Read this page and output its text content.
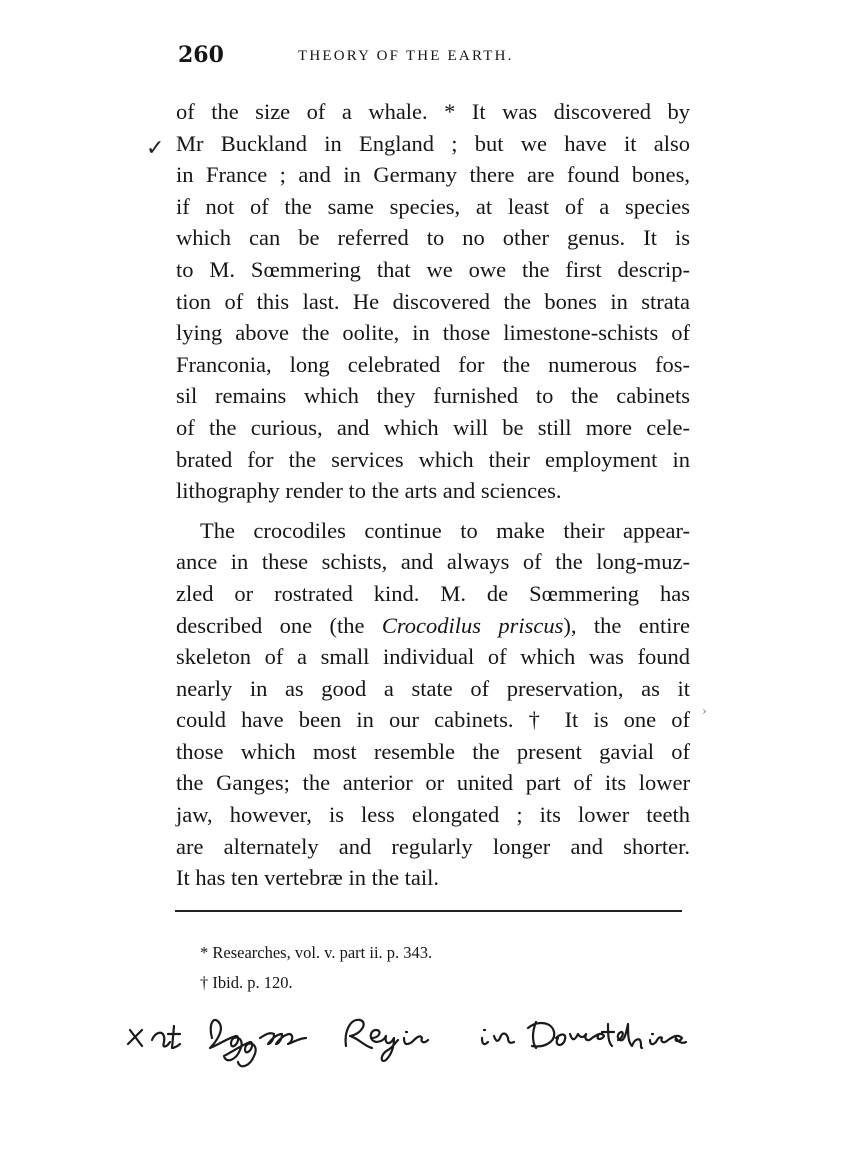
260	THEORY OF THE EARTH.
✓
›
of the size of a whale. * It was discovered by
Mr Buckland in England ; but we have it also
in France ; and in Germany there are found bones,
if not of the same species, at least of a species
which can be referred to no other genus. It is
to M. Sœmmering that we owe the first descrip-
tion of this last. He discovered the bones in strata
lying above the oolite, in those limestone-schists of
Franconia, long celebrated for the numerous fos-
sil remains which they furnished to the cabinets
of the curious, and which will be still more cele-
brated for the services which their employment in
lithography render to the arts and sciences.
The crocodiles continue to make their appear-
ance in these schists, and always of the long-muz-
zled or rostrated kind. M. de Sœmmering has
described one (the Crocodilus priscus), the entire
skeleton of a small individual of which was found
nearly in as good a state of preservation, as it
could have been in our cabinets. † It is one of
those which most resemble the present gavial of
the Ganges; the anterior or united part of its lower
jaw, however, is less elongated ; its lower teeth
are alternately and regularly longer and shorter.
It has ten vertebræ in the tail.
* Researches, vol. v. part ii. p. 343.
† Ibid. p. 120.
